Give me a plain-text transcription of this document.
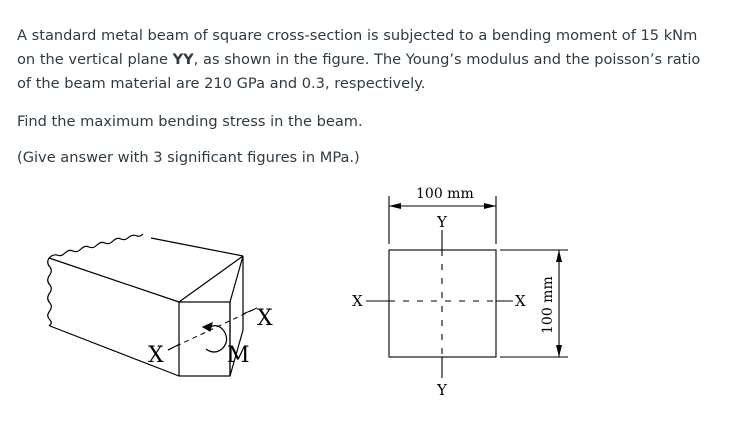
A standard metal beam of square cross-section is subjected to a bending moment of 15 kNm on the vertical plane YY, as shown in the figure. The Young’s modulus and the poisson’s ratio of the beam material are 210 GPa and 0.3, respectively.

Find the maximum bending stress in the beam.

(Give answer with 3 significant figures in MPa.)

X
X	M
100 mm
Y
Y
X	X 100 mm
